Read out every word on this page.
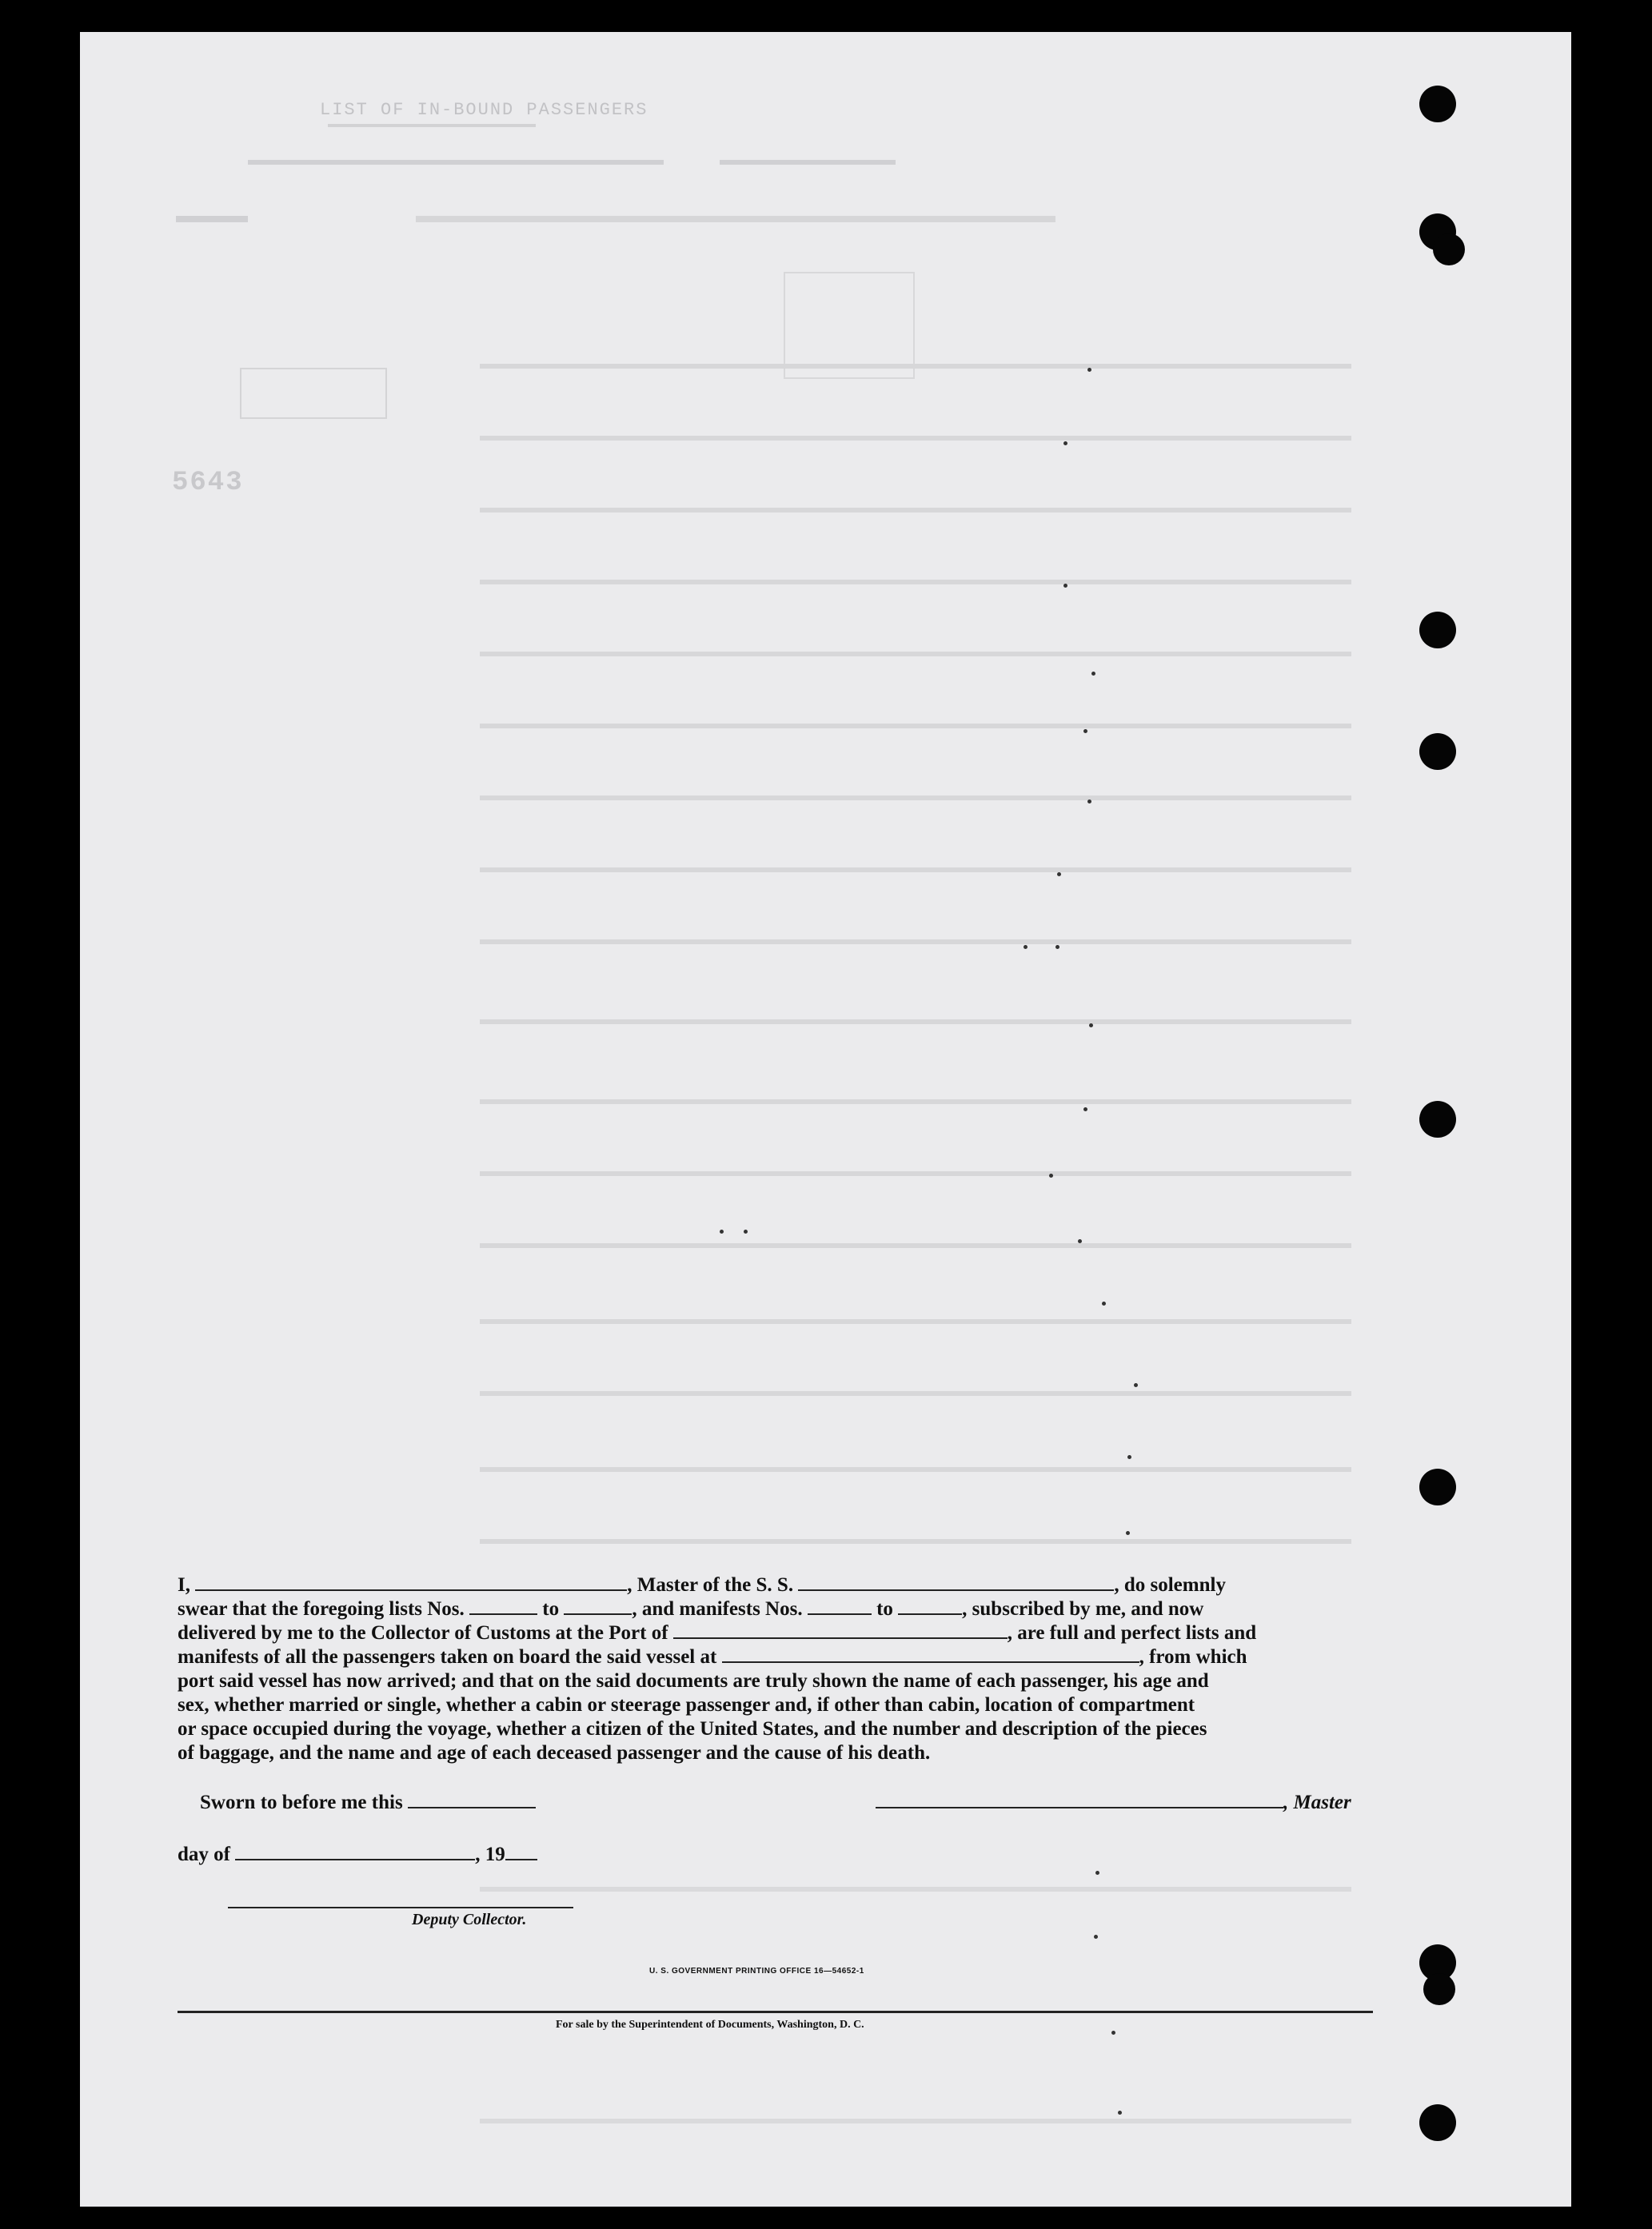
LIST OF IN-BOUND PASSENGERS
5643
I,	, Master of the S. S.	, do solemnly
swear that the foregoing lists Nos.	to	, and manifests Nos.	to	, subscribed by me, and now
delivered by me to the Collector of Customs at the Port of	, are full and perfect lists and
manifests of all the passengers taken on board the said vessel at	, from which
port said vessel has now arrived; and that on the said documents are truly shown the name of each passenger, his age and
sex, whether married or single, whether a cabin or steerage passenger and, if other than cabin, location of compartment
or space occupied during the voyage, whether a citizen of the United States, and the number and description of the pieces
of baggage, and the name and age of each deceased passenger and the cause of his death.
Sworn to before me this	, Master
day of	, 19
Deputy Collector.
U. S. GOVERNMENT PRINTING OFFICE 16—54652-1
For sale by the Superintendent of Documents, Washington, D. C.
